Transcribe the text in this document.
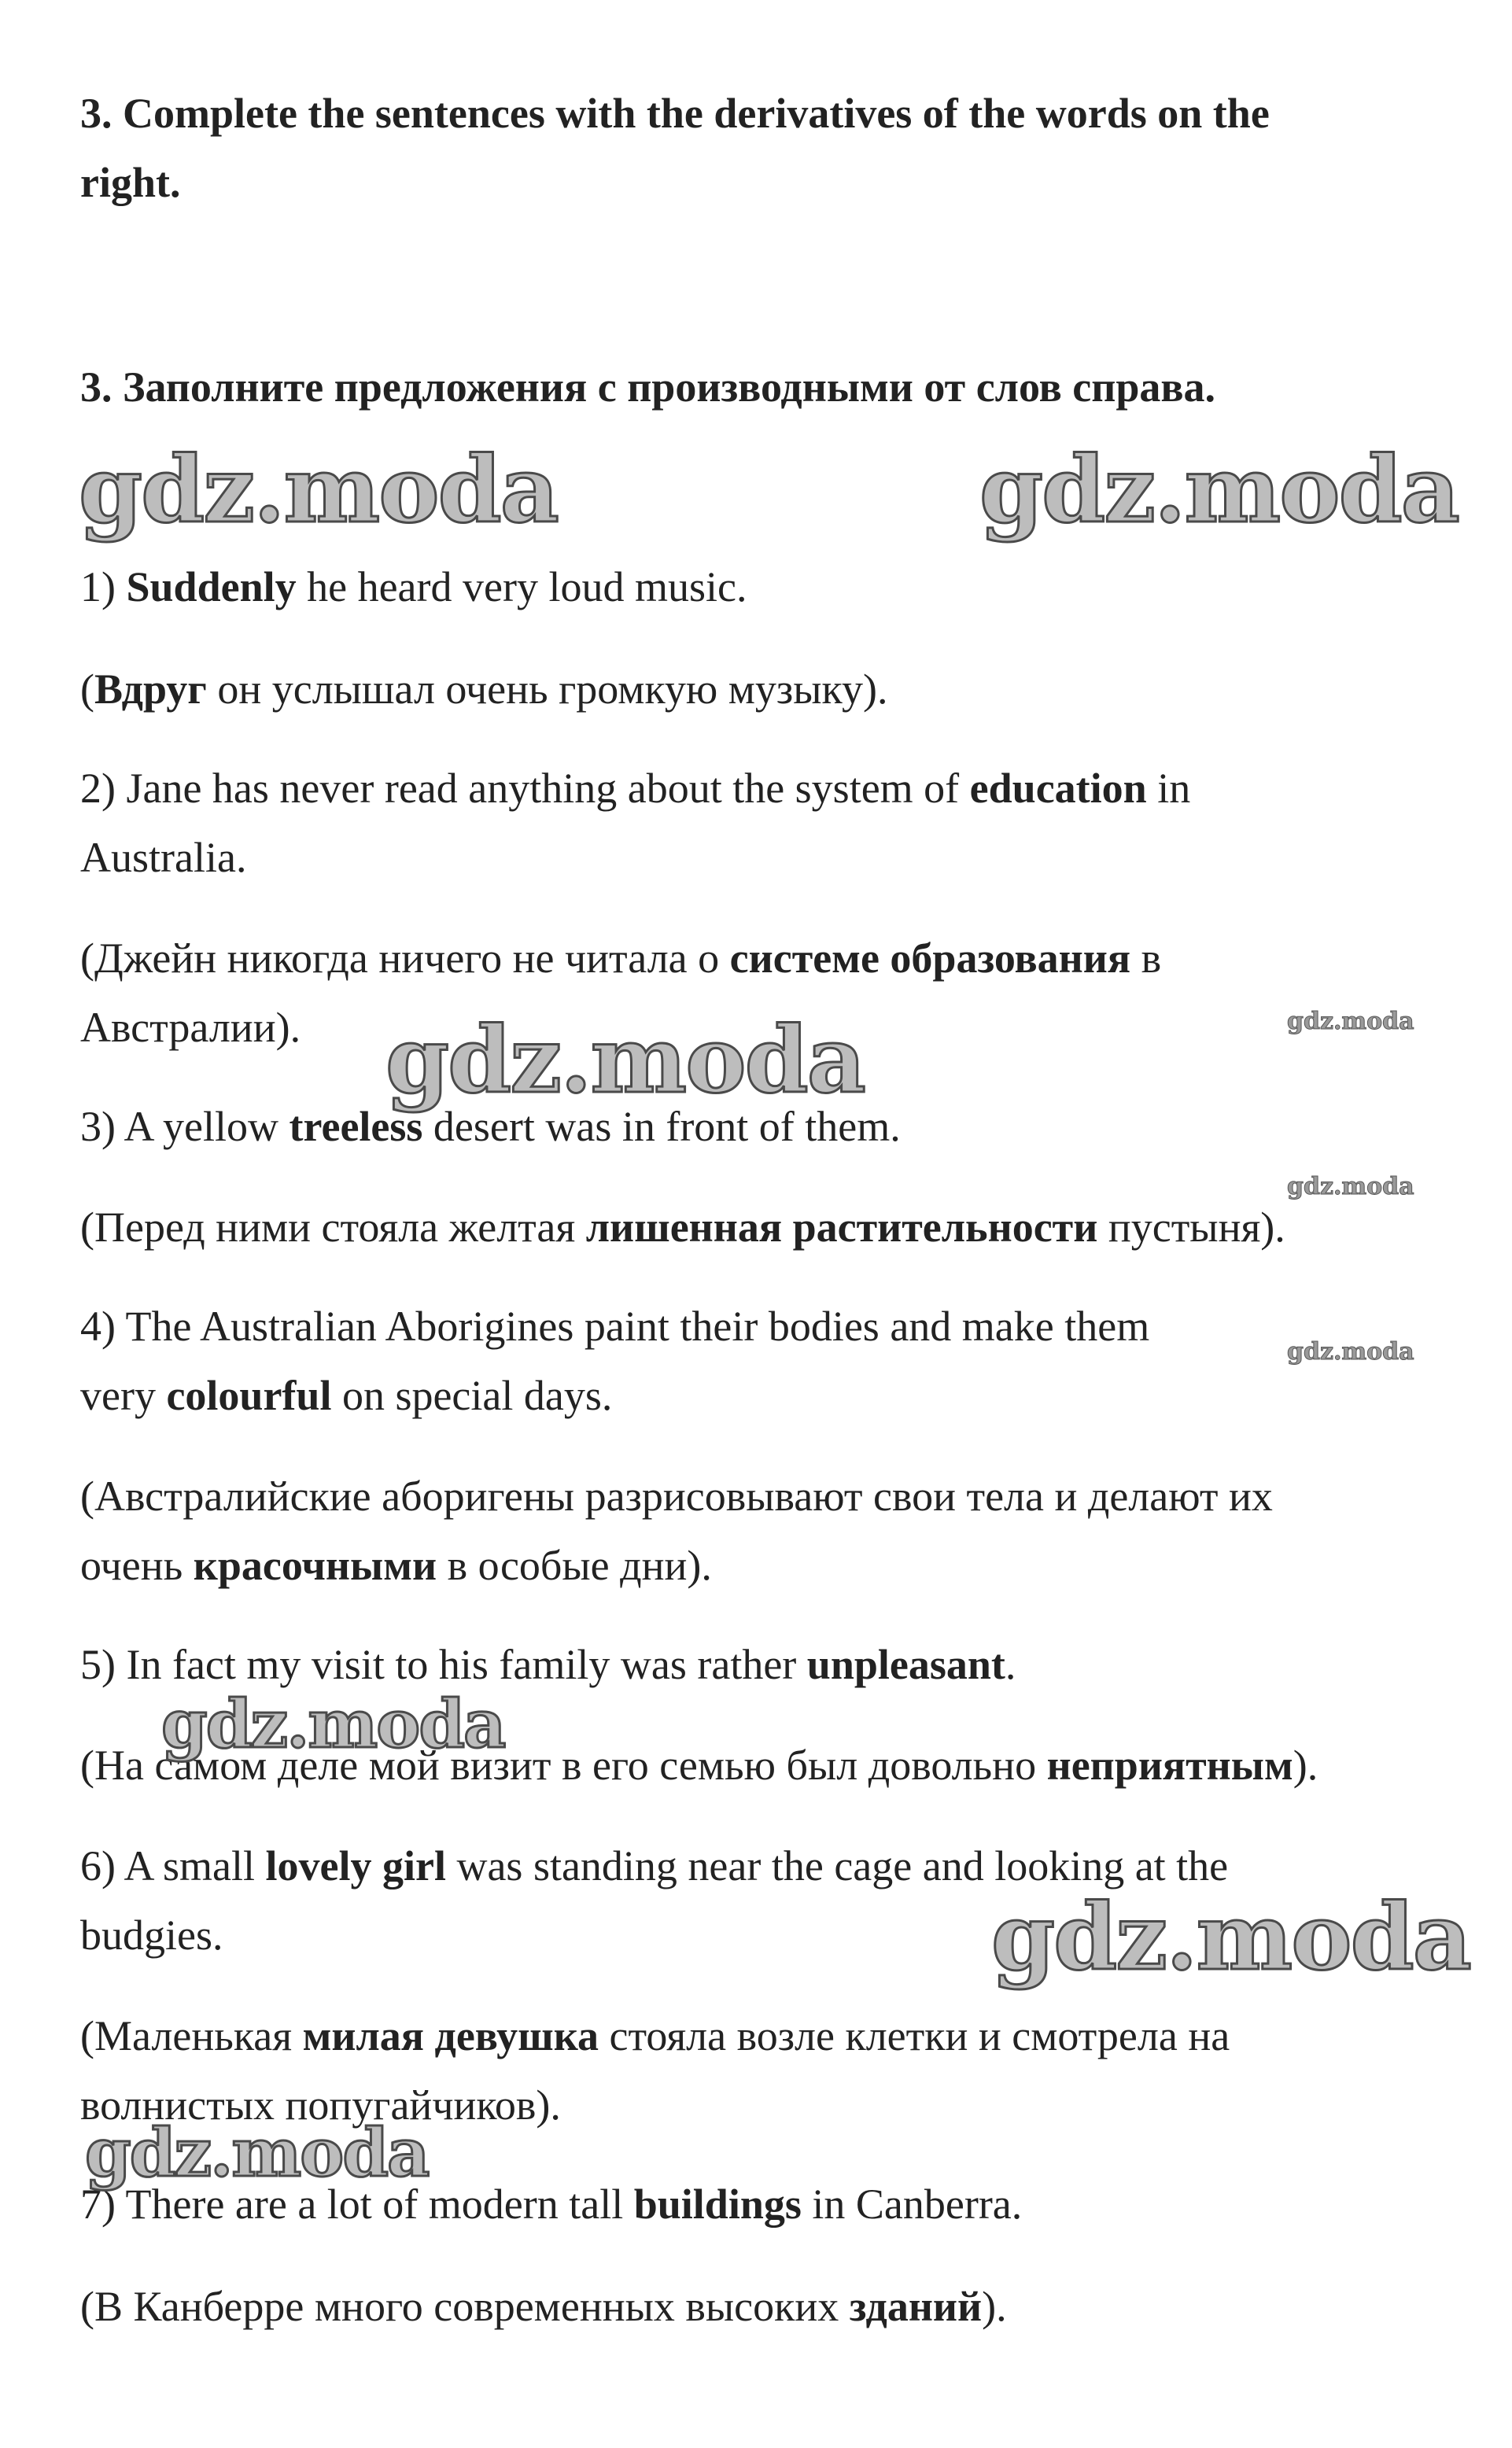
3. Complete the sentences with the derivatives of the words on the
right.
3. Заполните предложения с производными от слов справа.
1) Suddenly he heard very loud music.
(Вдруг он услышал очень громкую музыку).
2) Jane has never read anything about the system of education in
Australia.
(Джейн никогда ничего не читала о системе образования в
Австралии).
3) A yellow treeless desert was in front of them.
(Перед ними стояла желтая лишенная растительности пустыня).
4) The Australian Aborigines paint their bodies and make them
very colourful on special days.
(Австралийские аборигены разрисовывают свои тела и делают их
очень красочными в особые дни).
5) In fact my visit to his family was rather unpleasant.
(На самом деле мой визит в его семью был довольно неприятным).
6) A small lovely girl was standing near the cage and looking at the
budgies.
(Маленькая милая девушка стояла возле клетки и смотрела на
волнистых попугайчиков).
7) There are a lot of modern tall buildings in Canberra.
(В Канберре много современных высоких зданий).
gdz.moda	gdz.moda
gdz.moda	gdz.moda
gdz.moda
gdz.moda
gdz.moda
gdz.moda
gdz.moda
